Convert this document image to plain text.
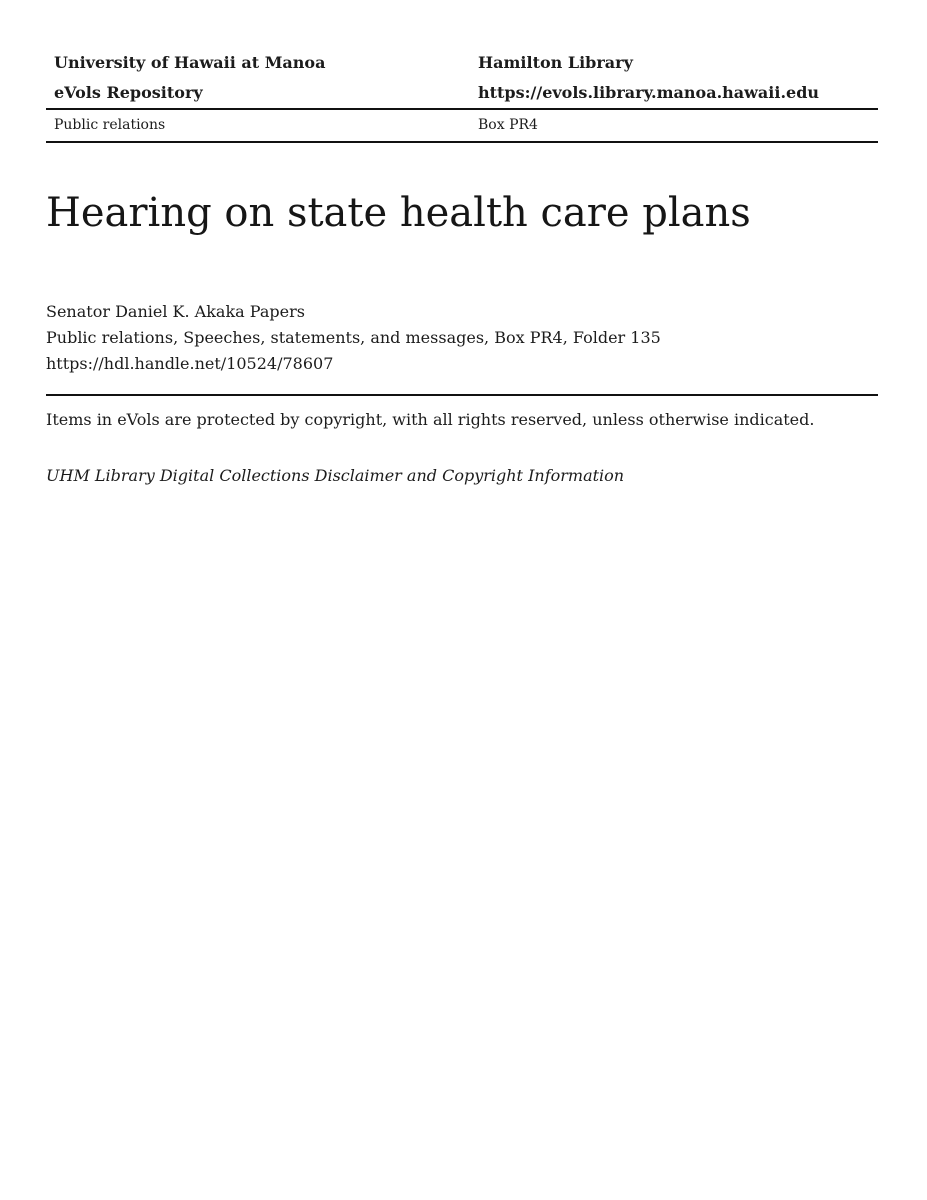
University of Hawaii at Manoa	Hamilton Library
eVols Repository	https://evols.library.manoa.hawaii.edu
Public relations	Box PR4
Hearing on state health care plans
Senator Daniel K. Akaka Papers
Public relations, Speeches, statements, and messages, Box PR4, Folder 135
https://hdl.handle.net/10524/78607
Items in eVols are protected by copyright, with all rights reserved, unless otherwise indicated.
UHM Library Digital Collections Disclaimer and Copyright Information
